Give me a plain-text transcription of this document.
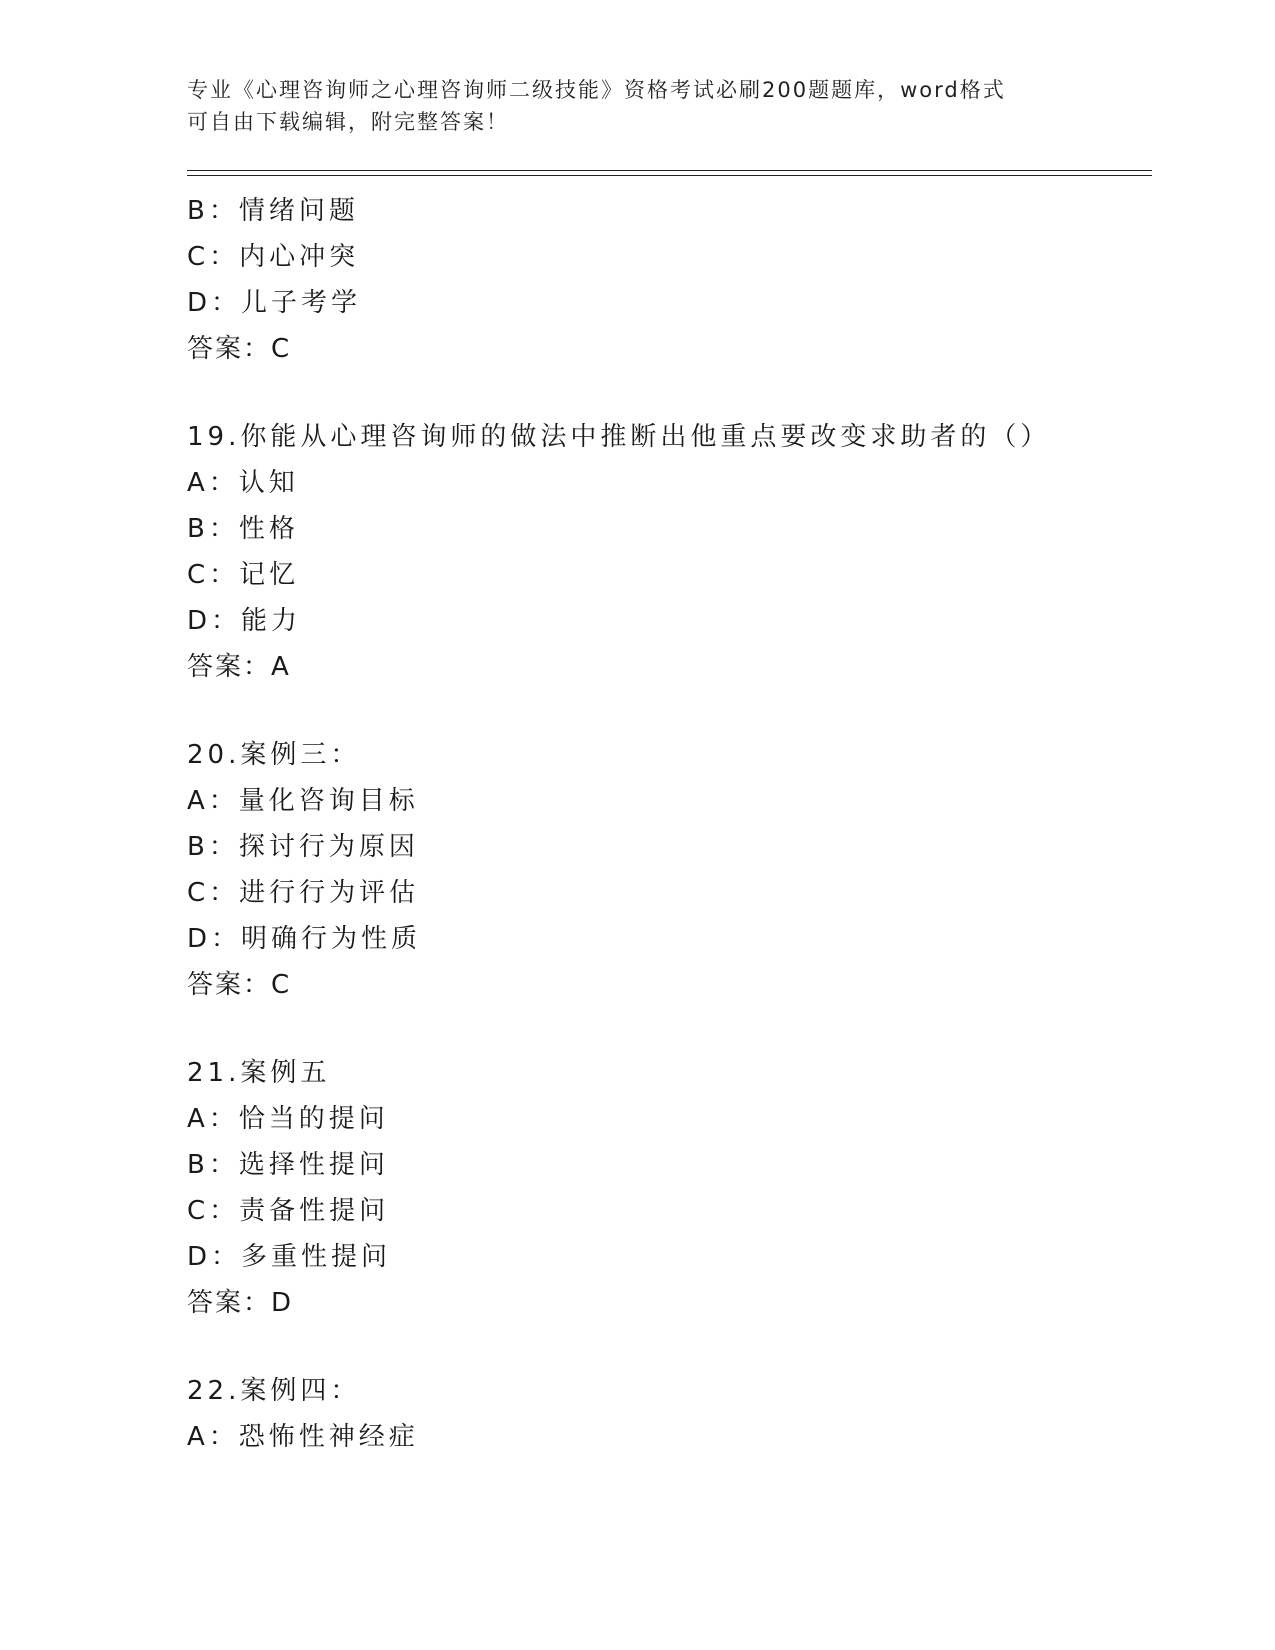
专业《心理咨询师之心理咨询师二级技能》资格考试必刷200题题库，word格式
可自由下载编辑，附完整答案！
B：情绪问题
C：内心冲突
D：儿子考学
答案：C
19.你能从心理咨询师的做法中推断出他重点要改变求助者的（）
A：认知
B：性格
C：记忆
D：能力
答案：A
20.案例三：
A：量化咨询目标
B：探讨行为原因
C：进行行为评估
D：明确行为性质
答案：C
21.案例五
A：恰当的提问
B：选择性提问
C：责备性提问
D：多重性提问
答案：D
22.案例四：
A：恐怖性神经症
